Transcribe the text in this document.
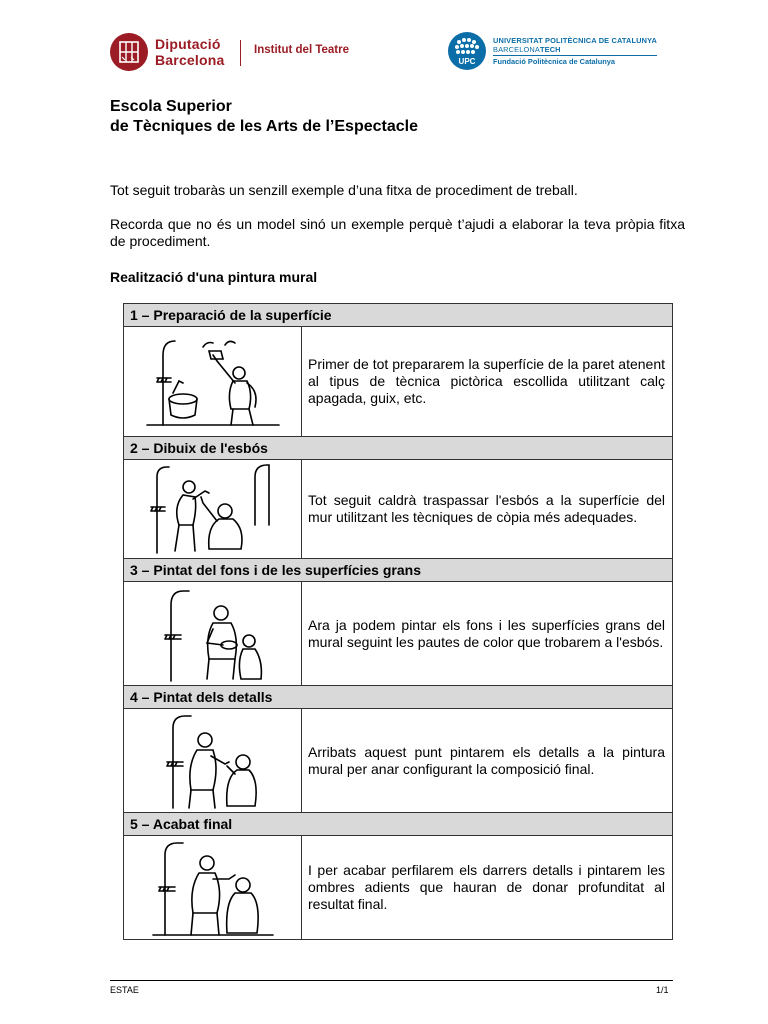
Diputació
Barcelona
Institut del Teatre
UPC
UNIVERSITAT POLITÈCNICA DE CATALUNYA
BARCELONATECH
Fundació Politècnica de Catalunya
Escola Superior
de Tècniques de les Arts de l’Espectacle
Tot seguit trobaràs un senzill exemple d’una fitxa de procediment de treball.
Recorda que no és un model sinó un exemple perquè t’ajudi a elaborar la teva pròpia fitxa de procediment.
Realització d'una pintura mural
1 – Preparació de la superfície	

	Primer de tot prepararem la superfície de la paret atenent al tipus de tècnica pictòrica escollida utilitzant calç apagada, guix, etc.
2 – Dibuix de l'esbós	

	Tot seguit caldrà traspassar l'esbós a la superfície del mur utilitzant les tècniques de còpia més adequades.
3 – Pintat del fons i de les superfícies grans	

	Ara ja podem pintar els fons i les superfícies grans del mural seguint les pautes de color que trobarem a l'esbós.
4 – Pintat dels detalls	

	Arribats aquest punt pintarem els detalls a la pintura mural per anar configurant la composició final.
5 – Acabat final	

	I per acabar perfilarem els darrers detalls i pintarem les ombres adients que hauran de donar profunditat al resultat final.
ESTAE	1/1
